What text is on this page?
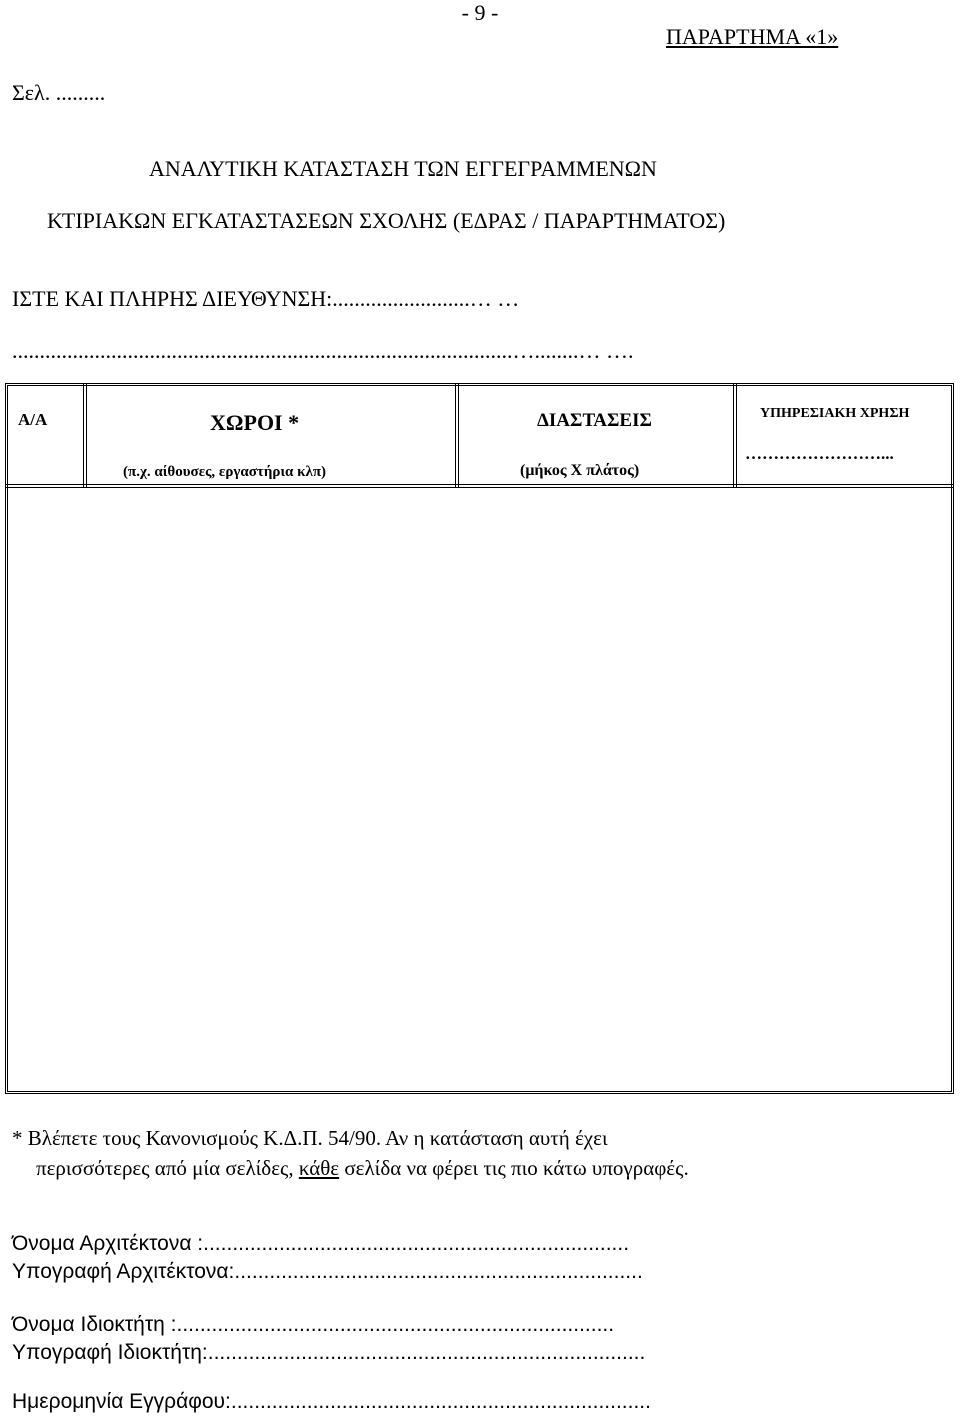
- 9 -
ΠΑΡΑΡΤΗΜΑ «1»
Σελ. .........
ΑΝΑΛΥΤΙΚΗ ΚΑΤΑΣΤΑΣΗ ΤΩΝ ΕΓΓΕΓΡΑΜΜΕΝΩΝ
ΚΤΙΡΙΑΚΩΝ ΕΓΚΑΤΑΣΤΑΣΕΩΝ ΣΧΟΛΗΣ (ΕΔΡΑΣ / ΠΑΡΑΡΤΗΜΑΤΟΣ)
ΙΣΤΕ ΚΑΙ ΠΛΗΡΗΣ ΔΙΕΥΘΥΝΣΗ:.........................… …
...........................................................................................…........… ….
Α/Α	ΧΩΡΟΙ *
(π.χ. αίθουσες, εργαστήρια κλπ)
ΔΙΑΣΤΑΣΕΙΣ
(μήκος Χ πλάτος)
ΥΠΗΡΕΣΙΑΚΗ ΧΡΗΣΗ
……………………...
* Βλέπετε τους Κανονισμούς Κ.Δ.Π. 54/90. Αν η κατάσταση αυτή έχει
περισσότερες από μία σελίδες, κάθε σελίδα να φέρει τις πιο κάτω υπογραφές.
Όνομα Αρχιτέκτονα :.........................................................................
Υπογραφή Αρχιτέκτονα:......................................................................
Όνομα Ιδιοκτήτη :...........................................................................
Υπογραφή Ιδιοκτήτη:...........................................................................
Ημερομηνία Εγγράφου:........................................................................
